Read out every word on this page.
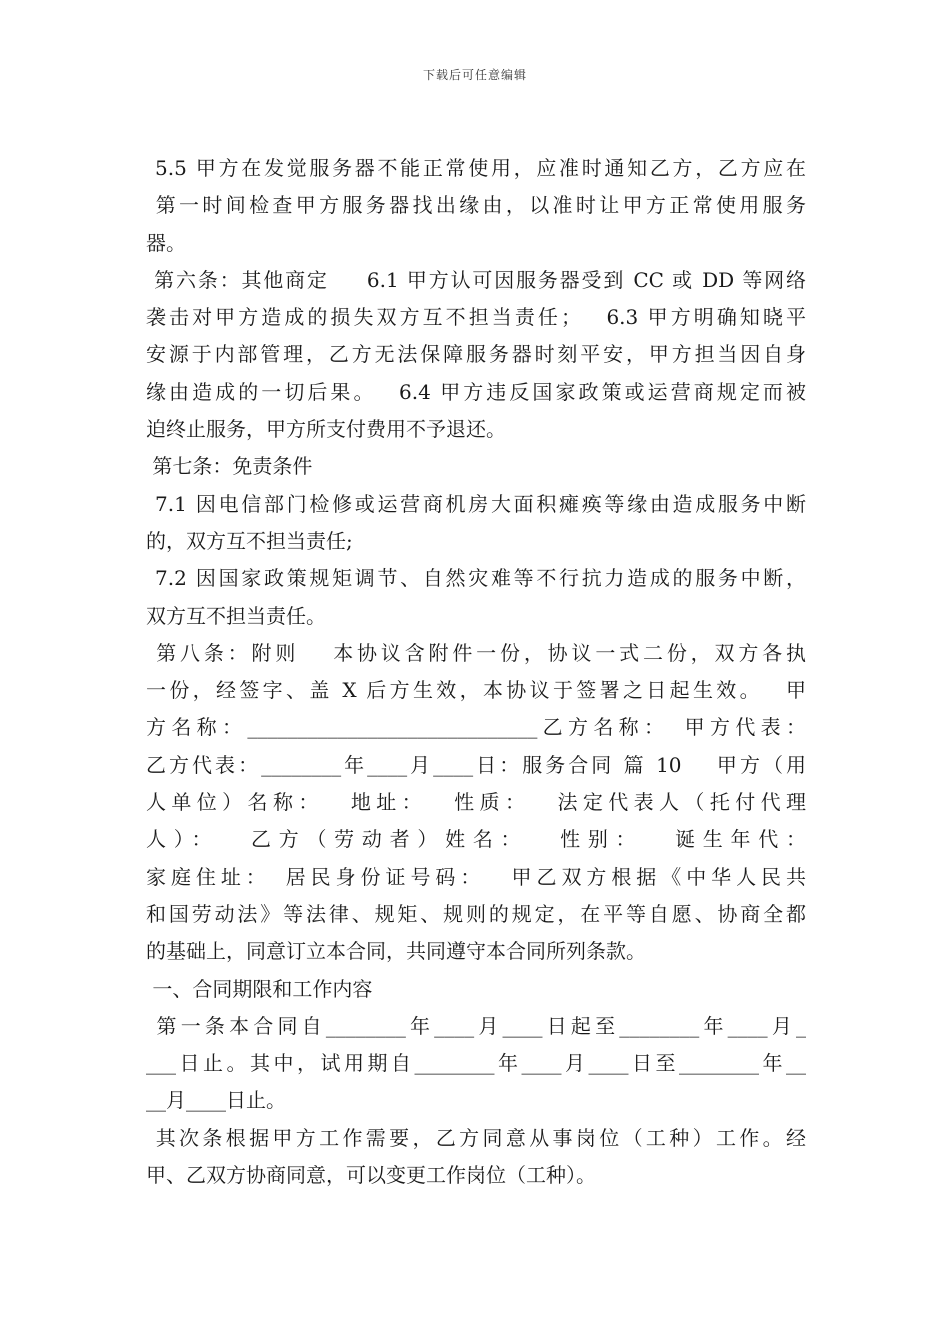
下载后可任意编辑
5.5 甲方在发觉服务器不能正常使用，应准时通知乙方，乙方应在
第一时间检查甲方服务器找出缘由，以准时让甲方正常使用服务
器。
第六条：其他商定 　 6.1 甲方认可因服务器受到 CC 或 DD 等网络
袭击对甲方造成的损失双方互不担当责任；　 6.3 甲方明确知晓平
安源于内部管理，乙方无法保障服务器时刻平安，甲方担当因自身
缘由造成的一切后果。　 6.4 甲方违反国家政策或运营商规定而被
迫终止服务，甲方所支付费用不予退还。
第七条：免责条件
7.1 因电信部门检修或运营商机房大面积瘫痪等缘由造成服务中断
的，双方互不担当责任;
7.2 因国家政策规矩调节、自然灾难等不行抗力造成的服务中断，
双方互不担当责任。
第八条：附则　 本协议含附件一份，协议一式二份，双方各执
一份，经签字、盖 X 后方生效，本协议于签署之日起生效。　 甲
方名称：_____________________________乙方名称：　甲方代表：
乙方代表：________年____月____日：服务合同 篇 10　 甲方（用
人单位）名称：　 地址：　 性质：　 法定代表人（托付代理
人）：　 乙方（劳动者）姓名：　 性别：　 诞生年代：
家庭住址：　居民身份证号码：　 甲乙双方根据《中华人民共
和国劳动法》等法律、规矩、规则的规定，在平等自愿、协商全都
的基础上，同意订立本合同，共同遵守本合同所列条款。
一、合同期限和工作内容
第一条本合同自________年____月____日起至________年____月_
___日止。其中，试用期自________年____月____日至________年__
__月____日止。
其次条根据甲方工作需要，乙方同意从事岗位（工种）工作。经
甲、乙双方协商同意，可以变更工作岗位（工种）。
